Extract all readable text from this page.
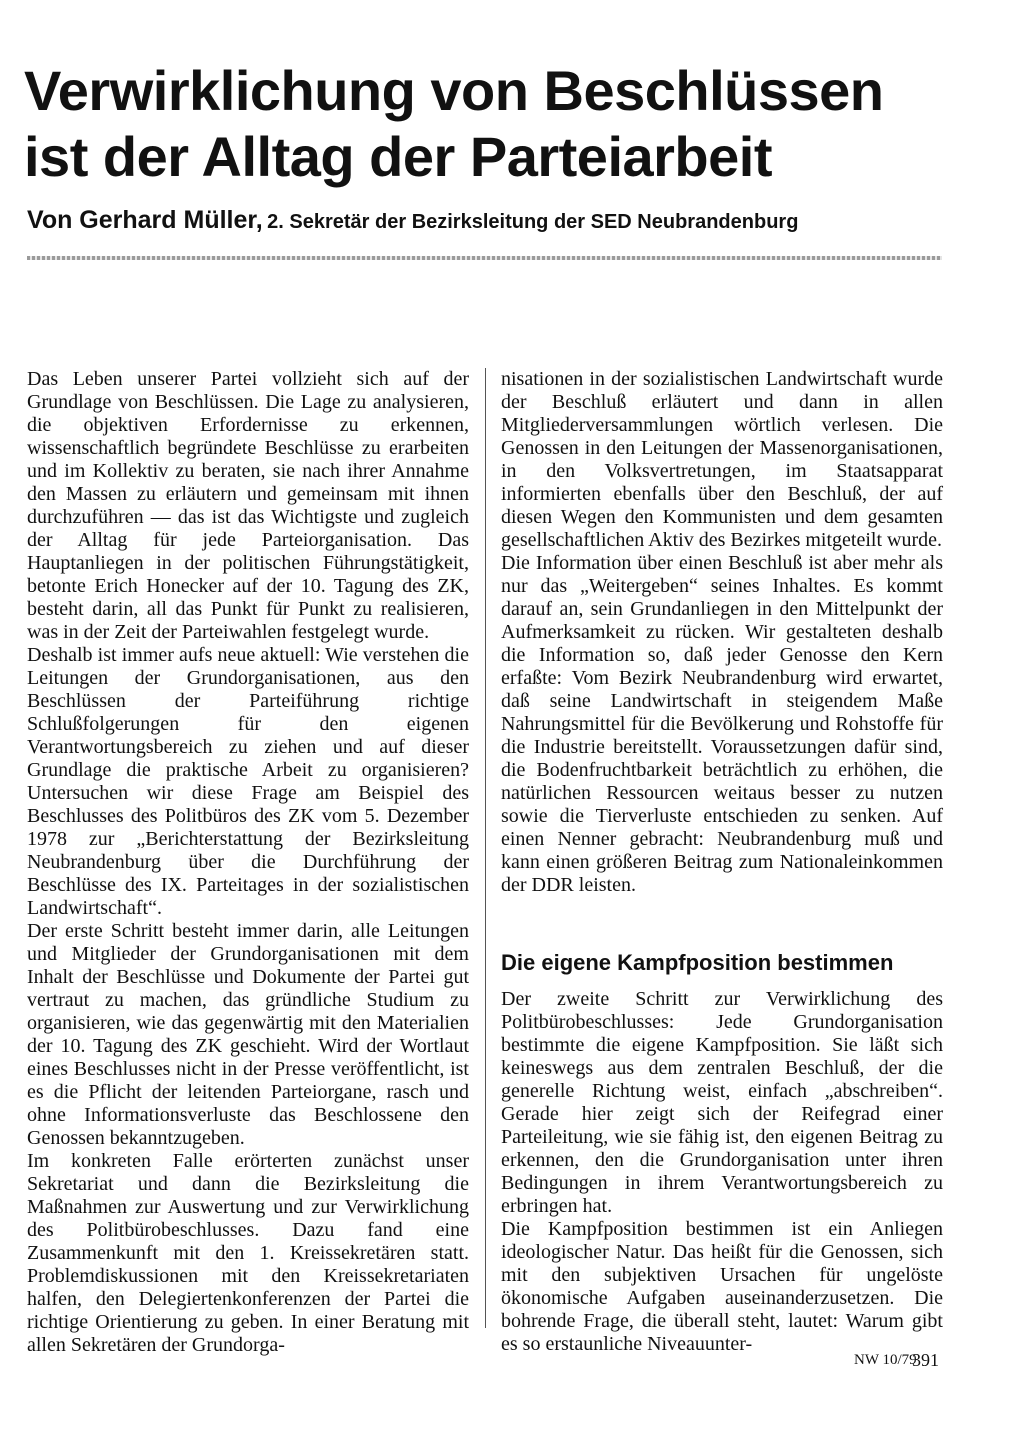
Verwirklichung von Beschlüssen
ist der Alltag der Parteiarbeit
Von Gerhard Müller, 2. Sekretär der Bezirksleitung der SED Neubrandenburg

Das Leben unserer Partei vollzieht sich auf der Grundlage von Beschlüssen. Die Lage zu analysieren, die objektiven Erfordernisse zu erkennen, wissenschaftlich begründete Beschlüsse zu erarbeiten und im Kollektiv zu beraten, sie nach ihrer Annahme den Massen zu erläutern und gemeinsam mit ihnen durchzuführen — das ist das Wichtigste und zugleich der Alltag für jede Parteiorganisation. Das Hauptanliegen in der politischen Führungstätigkeit, betonte Erich Honecker auf der 10. Tagung des ZK, besteht darin, all das Punkt für Punkt zu realisieren, was in der Zeit der Parteiwahlen festgelegt wurde.

Deshalb ist immer aufs neue aktuell: Wie verstehen die Leitungen der Grundorganisationen, aus den Beschlüssen der Parteiführung richtige Schlußfolgerungen für den eigenen Verantwortungsbereich zu ziehen und auf dieser Grundlage die praktische Arbeit zu organisieren? Untersuchen wir diese Frage am Beispiel des Beschlusses des Politbüros des ZK vom 5. Dezember 1978 zur „Berichterstattung der Bezirksleitung Neubrandenburg über die Durchführung der Beschlüsse des IX. Parteitages in der sozialistischen Landwirtschaft“.

Der erste Schritt besteht immer darin, alle Leitungen und Mitglieder der Grundorganisationen mit dem Inhalt der Beschlüsse und Dokumente der Partei gut vertraut zu machen, das gründliche Studium zu organisieren, wie das gegenwärtig mit den Materialien der 10. Tagung des ZK geschieht. Wird der Wortlaut eines Beschlusses nicht in der Presse veröffentlicht, ist es die Pflicht der leitenden Parteiorgane, rasch und ohne Informationsverluste das Beschlossene den Genossen bekanntzugeben.

Im konkreten Falle erörterten zunächst unser Sekretariat und dann die Bezirksleitung die Maßnahmen zur Auswertung und zur Verwirklichung des Politbürobeschlusses. Dazu fand eine Zusammenkunft mit den 1. Kreissekretären statt. Problemdiskussionen mit den Kreissekretariaten halfen, den Delegiertenkonferenzen der Partei die richtige Orientierung zu geben. In einer Beratung mit allen Sekretären der Grundorga-

nisationen in der sozialistischen Landwirtschaft wurde der Beschluß erläutert und dann in allen Mitgliederversammlungen wörtlich verlesen. Die Genossen in den Leitungen der Massenorganisationen, in den Volksvertretungen, im Staatsapparat informierten ebenfalls über den Beschluß, der auf diesen Wegen den Kommunisten und dem gesamten gesellschaftlichen Aktiv des Bezirkes mitgeteilt wurde.

Die Information über einen Beschluß ist aber mehr als nur das „Weitergeben“ seines Inhaltes. Es kommt darauf an, sein Grundanliegen in den Mittelpunkt der Aufmerksamkeit zu rücken. Wir gestalteten deshalb die Information so, daß jeder Genosse den Kern erfaßte: Vom Bezirk Neubrandenburg wird erwartet, daß seine Landwirtschaft in steigendem Maße Nahrungsmittel für die Bevölkerung und Rohstoffe für die Industrie bereitstellt. Voraussetzungen dafür sind, die Bodenfruchtbarkeit beträchtlich zu erhöhen, die natürlichen Ressourcen weitaus besser zu nutzen sowie die Tierverluste entschieden zu senken. Auf einen Nenner gebracht: Neubrandenburg muß und kann einen größeren Beitrag zum Nationaleinkommen der DDR leisten.

Die eigene Kampfposition bestimmen

Der zweite Schritt zur Verwirklichung des Politbürobeschlusses: Jede Grundorganisation bestimmte die eigene Kampfposition. Sie läßt sich keineswegs aus dem zentralen Beschluß, der die generelle Richtung weist, einfach „abschreiben“. Gerade hier zeigt sich der Reifegrad einer Parteileitung, wie sie fähig ist, den eigenen Beitrag zu erkennen, den die Grundorganisation unter ihren Bedingungen in ihrem Verantwortungsbereich zu erbringen hat.

Die Kampfposition bestimmen ist ein Anliegen ideologischer Natur. Das heißt für die Genossen, sich mit den subjektiven Ursachen für ungelöste ökonomische Aufgaben auseinanderzusetzen. Die bohrende Frage, die überall steht, lautet: Warum gibt es so erstaunliche Niveauunter-

NW 10/79
391
